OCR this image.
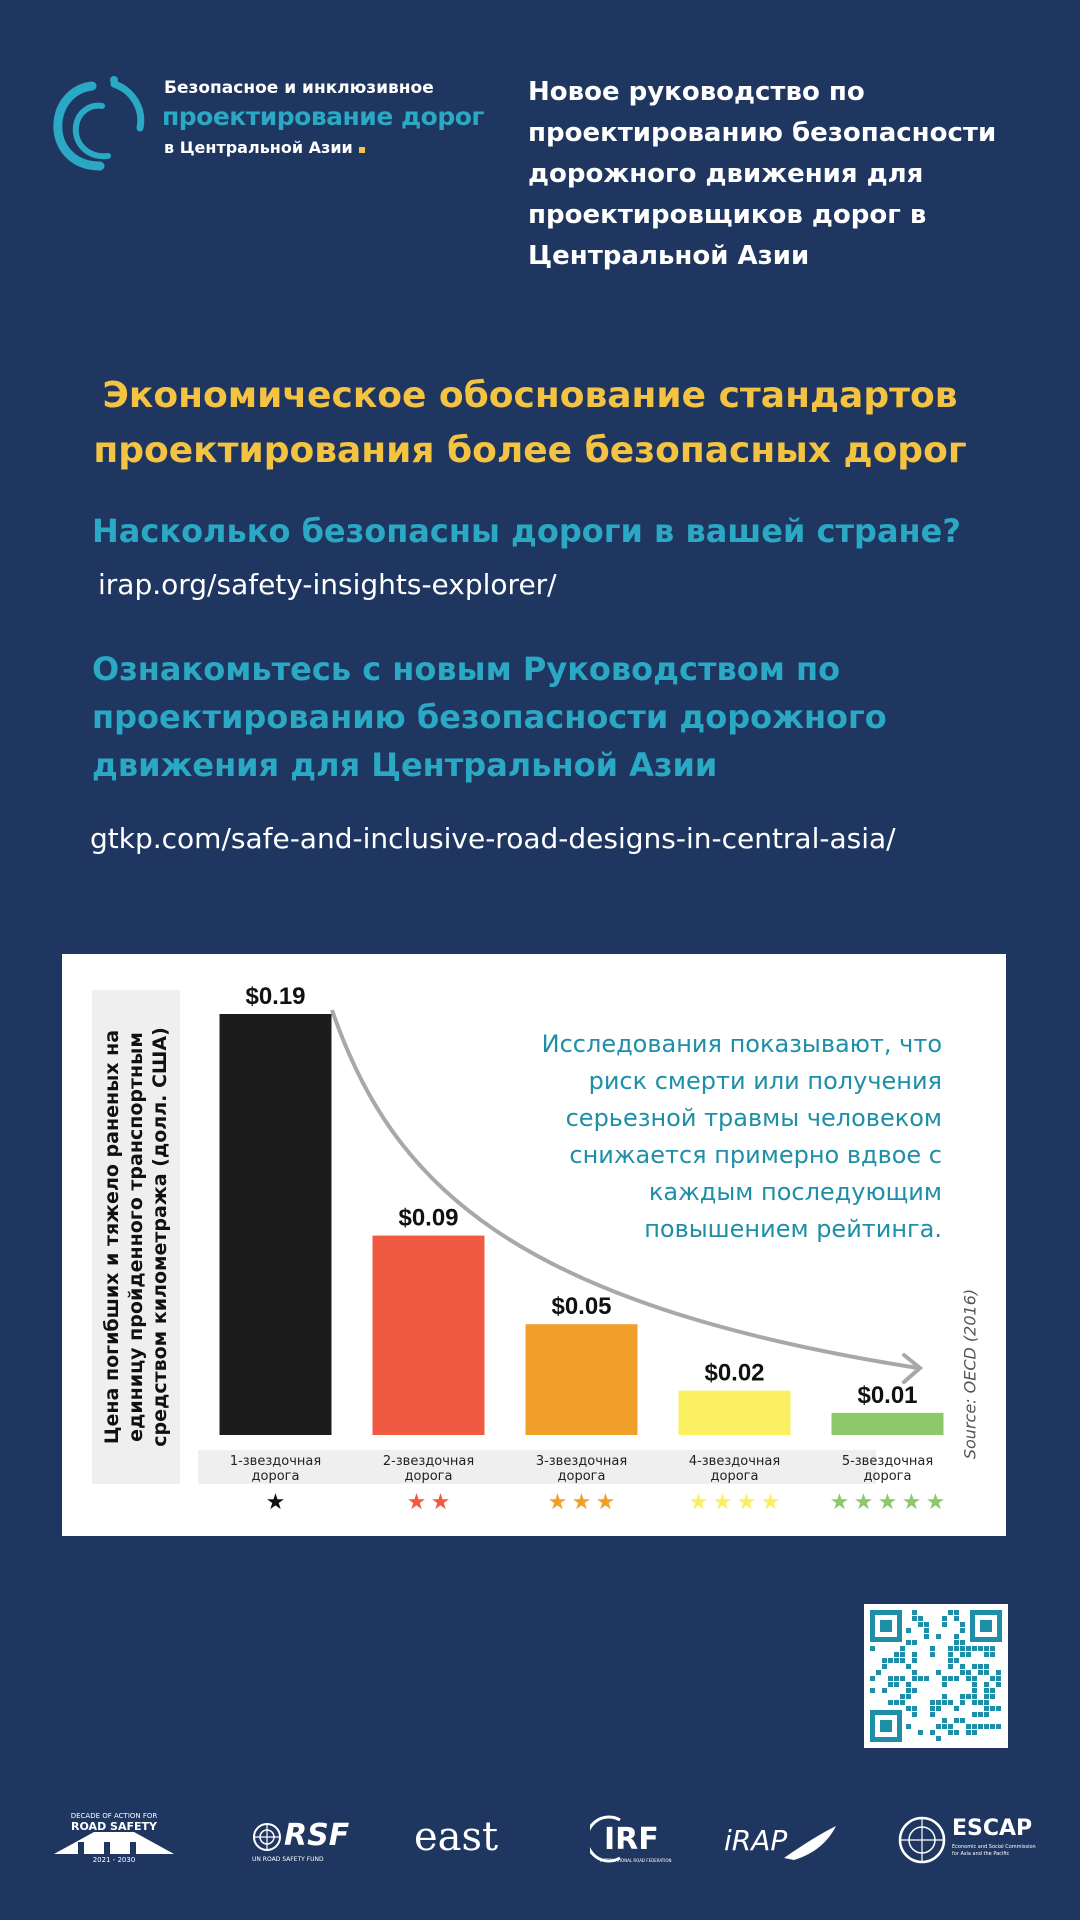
Безопасное и инклюзивное
проектирование дорог
в Центральной Азии
Новое руководство по проектированию безопасности дорожного движения для проектировщиков дорог в Центральной Азии
Экономическое обоснование стандартов проектирования более безопасных дорог
Насколько безопасны дороги в вашей стране?
irap.org/safety-insights-explorer/
Ознакомьтесь с новым Руководством по проектированию безопасности дорожного движения для Центральной Азии
gtkp.com/safe-and-inclusive-road-designs-in-central-asia/
Цена погибших и тяжело раненых на единицу пройденного транспортным средством километража (долл. США)
$0.19
1-звездочная
дорога
★
$0.09
2-звездочная
дорога
★ ★
$0.05
3-звездочная
дорога
★ ★ ★
$0.02
4-звездочная
дорога
★ ★ ★ ★
$0.01
5-звездочная
дорога
★ ★ ★ ★ ★
Исследования показывают, что риск смерти или получения серьезной травмы человеком снижается примерно вдвое с каждым последующим повышением рейтинга.
Source: OECD (2016)
DECADE OF ACTION FOR
ROAD SAFETY
2021 - 2030
RSF
UN ROAD SAFETY FUND east	IRF
INTERNATIONAL ROAD FEDERATION
iRAP	ESCAP
Economic and Social Commission for Asia and the Pacific
